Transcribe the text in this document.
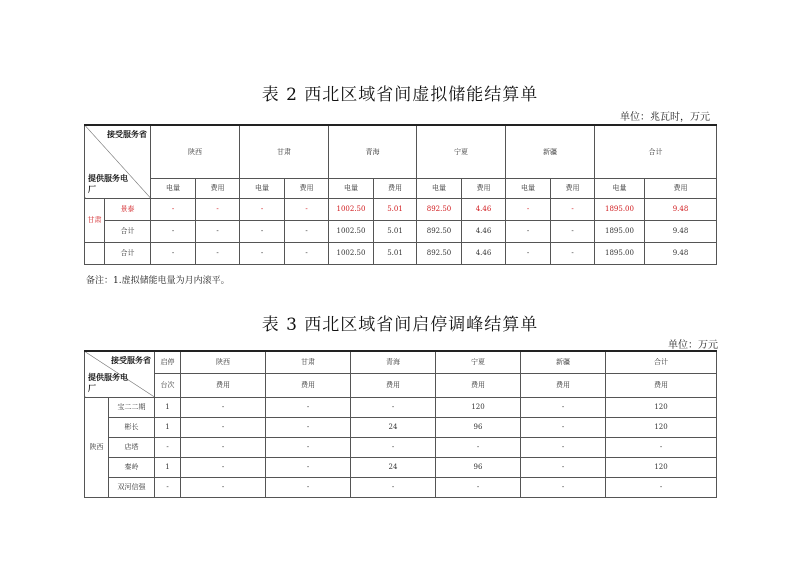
表 2 西北区域省间虚拟储能结算单
单位：兆瓦时，万元
接受服务省
提供服务电厂		陕西		甘肃		青海		宁夏		新疆		合计	
		电量	费用	电量	费用	电量	费用	电量	费用	电量	费用	电量	费用
甘肃	景泰	-	-	-	-	1002.50	5.01	892.50	4.46	-	-	1895.00	9.48
	合计	-	-	-	-	1002.50	5.01	892.50	4.46	-	-	1895.00	9.48
	合计	-	-	-	-	1002.50	5.01	892.50	4.46	-	-	1895.00	9.48
备注：1.虚拟储能电量为月内滚平。
表 3 西北区域省间启停调峰结算单
单位：万元
接受服务省
提供服务电厂		启停	陕西	甘肃	青海	宁夏	新疆	合计
		台次	费用	费用	费用	费用	费用	费用
陕西	宝二二期	1	-	-	-	120	-	120
	彬长	1	-	-	24	96	-	120
	店塔	-	-	-	-	-	-	-
	秦岭	1	-	-	24	96	-	120
	双河信强	-	-	-	-	-	-	-
